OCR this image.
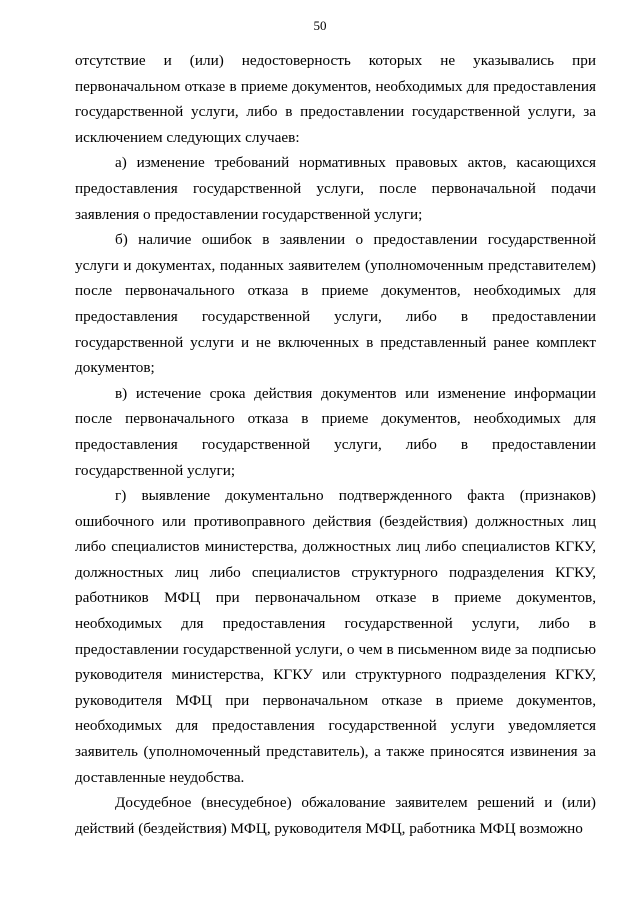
50

отсутствие и (или) недостоверность которых не указывались при первоначальном отказе в приеме документов, необходимых для предоставления государственной услуги, либо в предоставлении государственной услуги, за исключением следующих случаев:

а) изменение требований нормативных правовых актов, касающихся предоставления государственной услуги, после первоначальной подачи заявления о предоставлении государственной услуги;

б) наличие ошибок в заявлении о предоставлении государственной услуги и документах, поданных заявителем (уполномоченным представителем) после первоначального отказа в приеме документов, необходимых для предоставления государственной услуги, либо в предоставлении государственной услуги и не включенных в представленный ранее комплект документов;

в) истечение срока действия документов или изменение информации после первоначального отказа в приеме документов, необходимых для предоставления государственной услуги, либо в предоставлении государственной услуги;

г) выявление документально подтвержденного факта (признаков) ошибочного или противоправного действия (бездействия) должностных лиц либо специалистов министерства, должностных лиц либо специалистов КГКУ, должностных лиц либо специалистов структурного подразделения КГКУ, работников МФЦ при первоначальном отказе в приеме документов, необходимых для предоставления государственной услуги, либо в предоставлении государственной услуги, о чем в письменном виде за подписью руководителя министерства, КГКУ или структурного подразделения КГКУ, руководителя МФЦ при первоначальном отказе в приеме документов, необходимых для предоставления государственной услуги уведомляется заявитель (уполномоченный представитель), а также приносятся извинения за доставленные неудобства.

Досудебное (внесудебное) обжалование заявителем решений и (или) действий (бездействия) МФЦ, руководителя МФЦ, работника МФЦ возможно
